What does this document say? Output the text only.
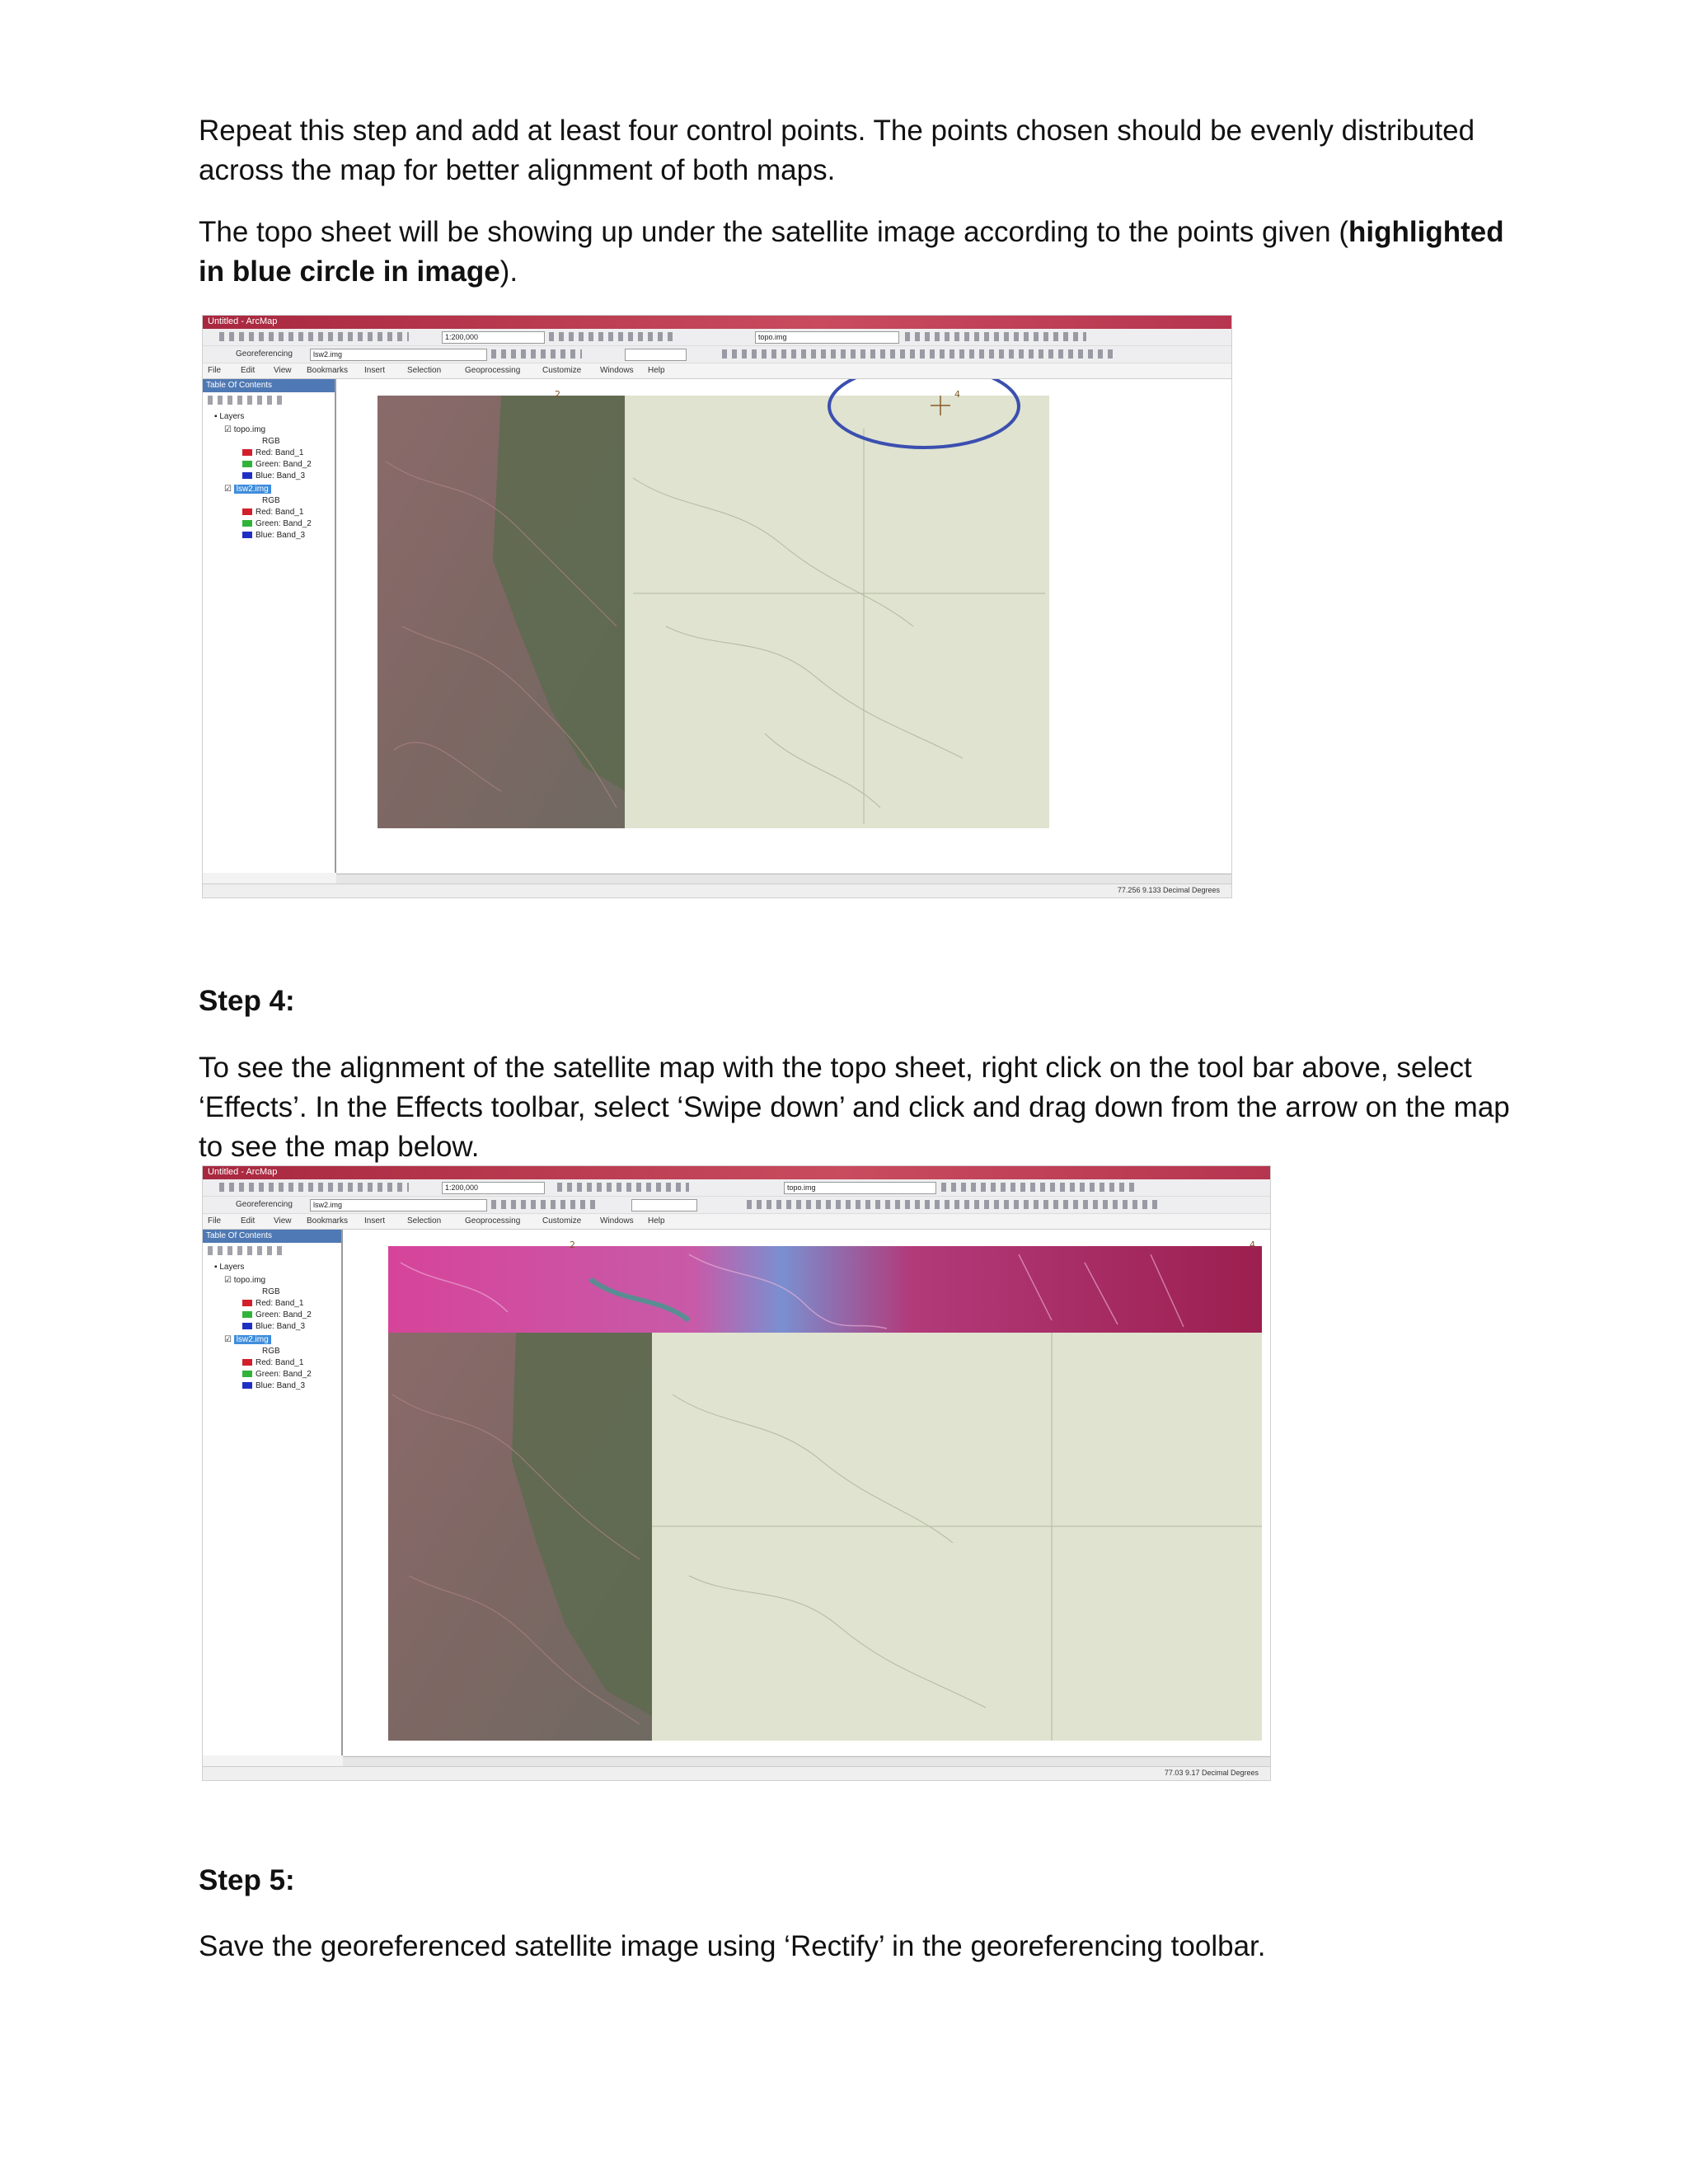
Repeat this step and add at least four control points. The points chosen should be evenly distributed across the map for better alignment of both maps.

The topo sheet will be showing up under the satellite image according to the points given (highlighted in blue circle in image).

Untitled - ArcMap
1:200,000	topo.img
Georeferencing	lsw2.img
File Edit View Bookmarks Insert	Selection	Geoprocessing	Customize Windows Help
Table Of Contents
▪ Layers
☑ topo.img
RGB
Red: Band_1
Green: Band_2
Blue: Band_3
☑ lsw2.img
RGB
Red: Band_1
Green: Band_2
Blue: Band_3
2	4
77.256 9.133 Decimal Degrees

Step 4:

To see the alignment of the satellite map with the topo sheet, right click on the tool bar above, select ‘Effects’. In the Effects toolbar, select ‘Swipe down’ and click and drag down from the arrow on the map to see the map below.

Untitled - ArcMap
1:200,000	topo.img
Georeferencing	lsw2.img
File Edit View Bookmarks Insert	Selection	Geoprocessing	Customize Windows Help
Table Of Contents
▪ Layers
☑ topo.img
RGB
Red: Band_1
Green: Band_2
Blue: Band_3
☑ lsw2.img
RGB
Red: Band_1
Green: Band_2
Blue: Band_3
2	4
77.03 9.17 Decimal Degrees

Step 5:

Save the georeferenced satellite image using ‘Rectify’ in the georeferencing toolbar.
